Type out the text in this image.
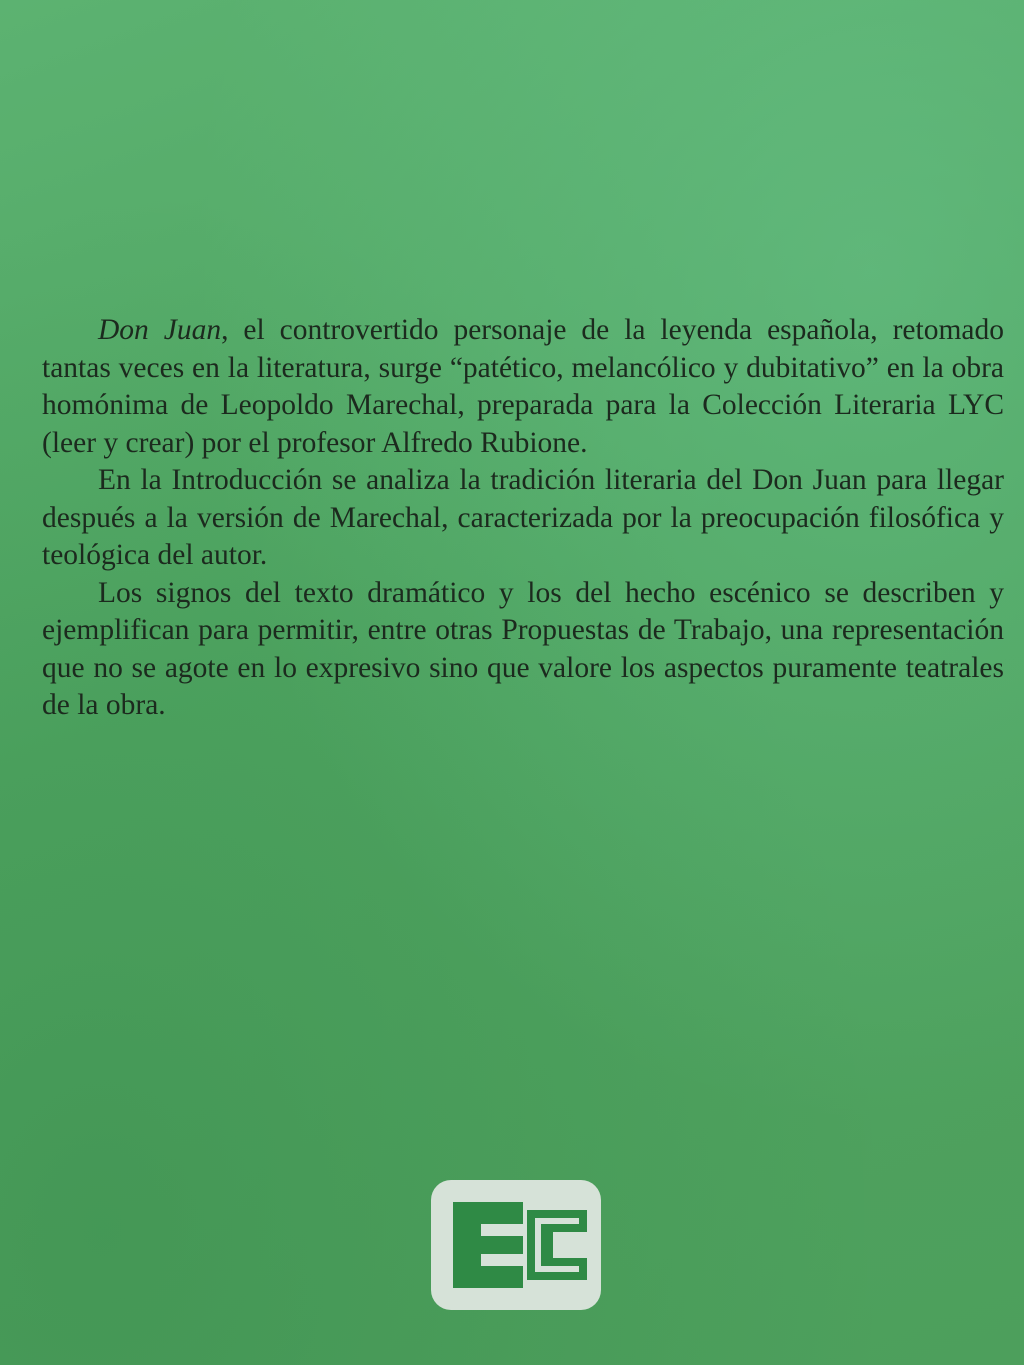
Don Juan, el controvertido personaje de la leyenda española, retomado tantas veces en la literatura, surge “patético, melancólico y dubitativo” en la obra homónima de Leopoldo Marechal, preparada para la Colección Literaria LYC (leer y crear) por el profesor Alfredo Rubione.

En la Introducción se analiza la tradición literaria del Don Juan para llegar después a la versión de Marechal, caracterizada por la preocupación filosófica y teológica del autor.

Los signos del texto dramático y los del hecho escénico se describen y ejemplifican para permitir, entre otras Propuestas de Trabajo, una representación que no se agote en lo expresivo sino que valore los aspectos puramente teatrales de la obra.
